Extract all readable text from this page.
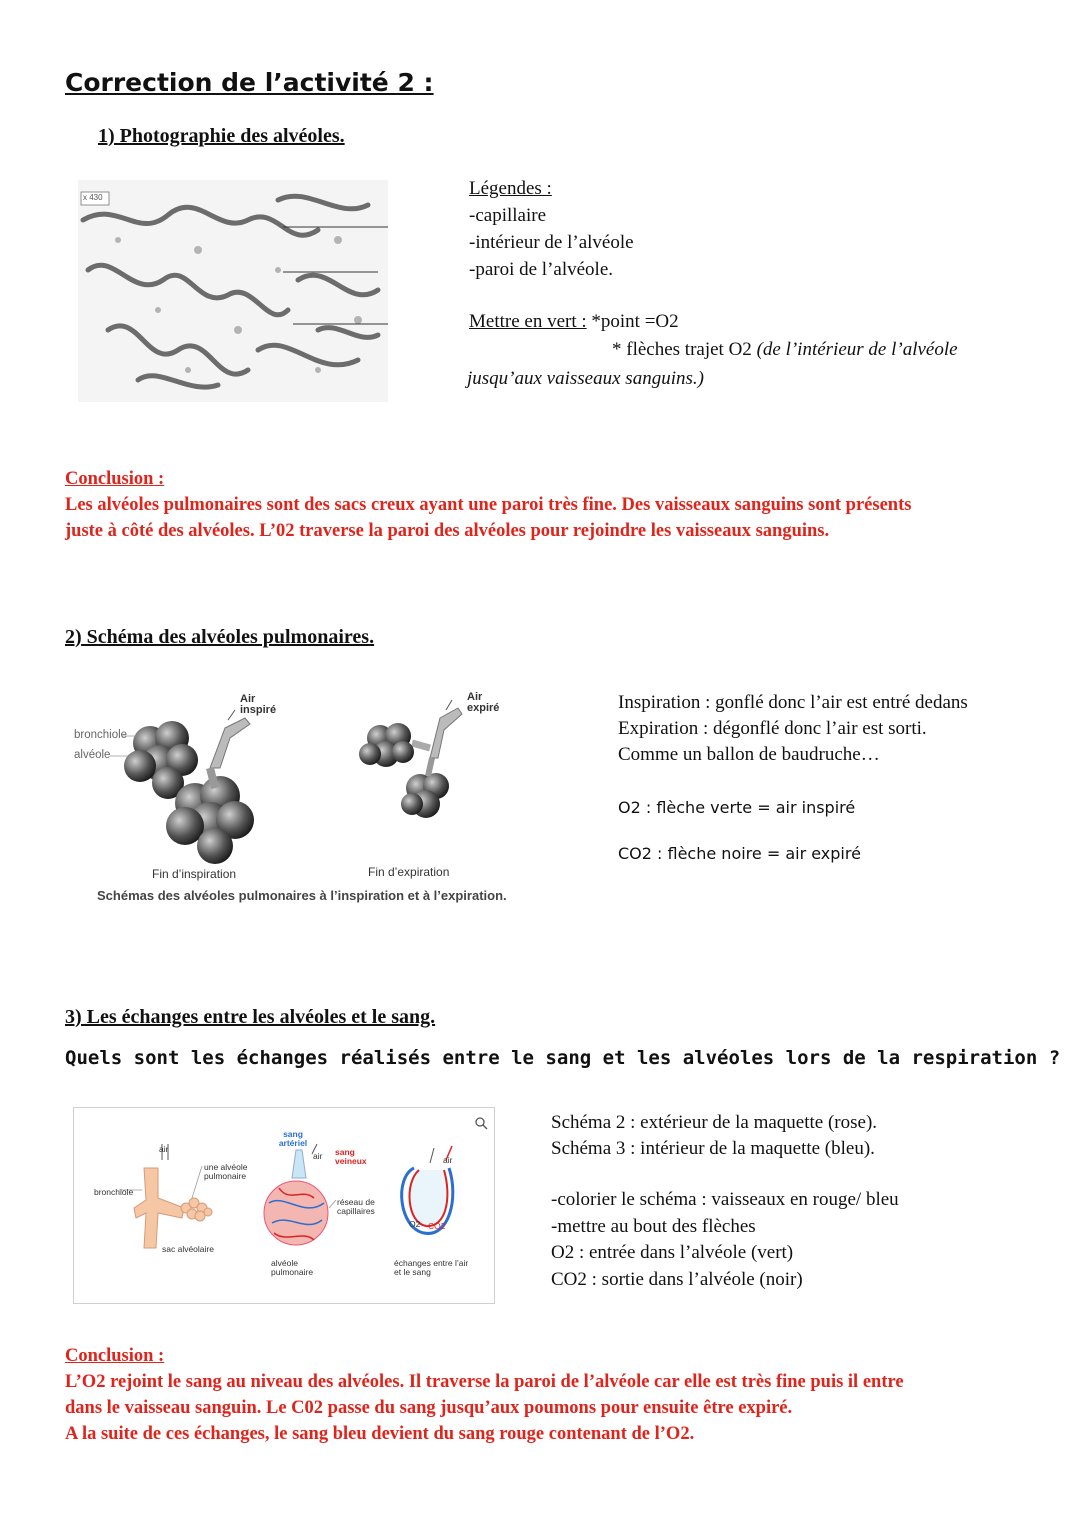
Correction de l’activité 2 :
1) Photographie des alvéoles.
x 430	Légendes :
-capillaire
-intérieur de l’alvéole
-paroi de l’alvéole.
Mettre en vert : *point =O2
* flèches trajet O2 (de l’intérieur de l’alvéole
jusqu’aux vaisseaux sanguins.)
Conclusion :
Les alvéoles pulmonaires sont des sacs creux ayant une paroi très fine. Des vaisseaux sanguins sont présents
juste à côté des alvéoles. L’02 traverse la paroi des alvéoles pour rejoindre les vaisseaux sanguins.
2) Schéma des alvéoles pulmonaires.
Air inspiré
Air expiré
bronchiole
alvéole
Fin d’inspiration	Fin d’expiration
Schémas des alvéoles pulmonaires à l’inspiration et à l’expiration.
Inspiration : gonflé donc l’air est entré dedans
Expiration : dégonflé donc l’air est sorti.
Comme un ballon de baudruche…
O2 : flèche verte = air inspiré
CO2 : flèche noire = air expiré
3) Les échanges entre les alvéoles et le sang.
Quels sont les échanges réalisés entre le sang et les alvéoles lors de la respiration ?
air
une alvéole pulmonaire
bronchiole
sac alvéolaire
sang artériel
air sang veineux
réseau de capillaires
alvéole pulmonaire
air
O2 CO2
échanges entre l’air et le sang
Schéma 2 : extérieur de la maquette (rose).
Schéma 3 : intérieur de la maquette (bleu).
-colorier le schéma : vaisseaux en rouge/ bleu
-mettre au bout des flèches
O2 : entrée dans l’alvéole (vert)
CO2 : sortie dans l’alvéole (noir)
Conclusion :
L’O2 rejoint le sang au niveau des alvéoles. Il traverse la paroi de l’alvéole car elle est très fine puis il entre
dans le vaisseau sanguin. Le C02 passe du sang jusqu’aux poumons pour ensuite être expiré.
A la suite de ces échanges, le sang bleu devient du sang rouge contenant de l’O2.
